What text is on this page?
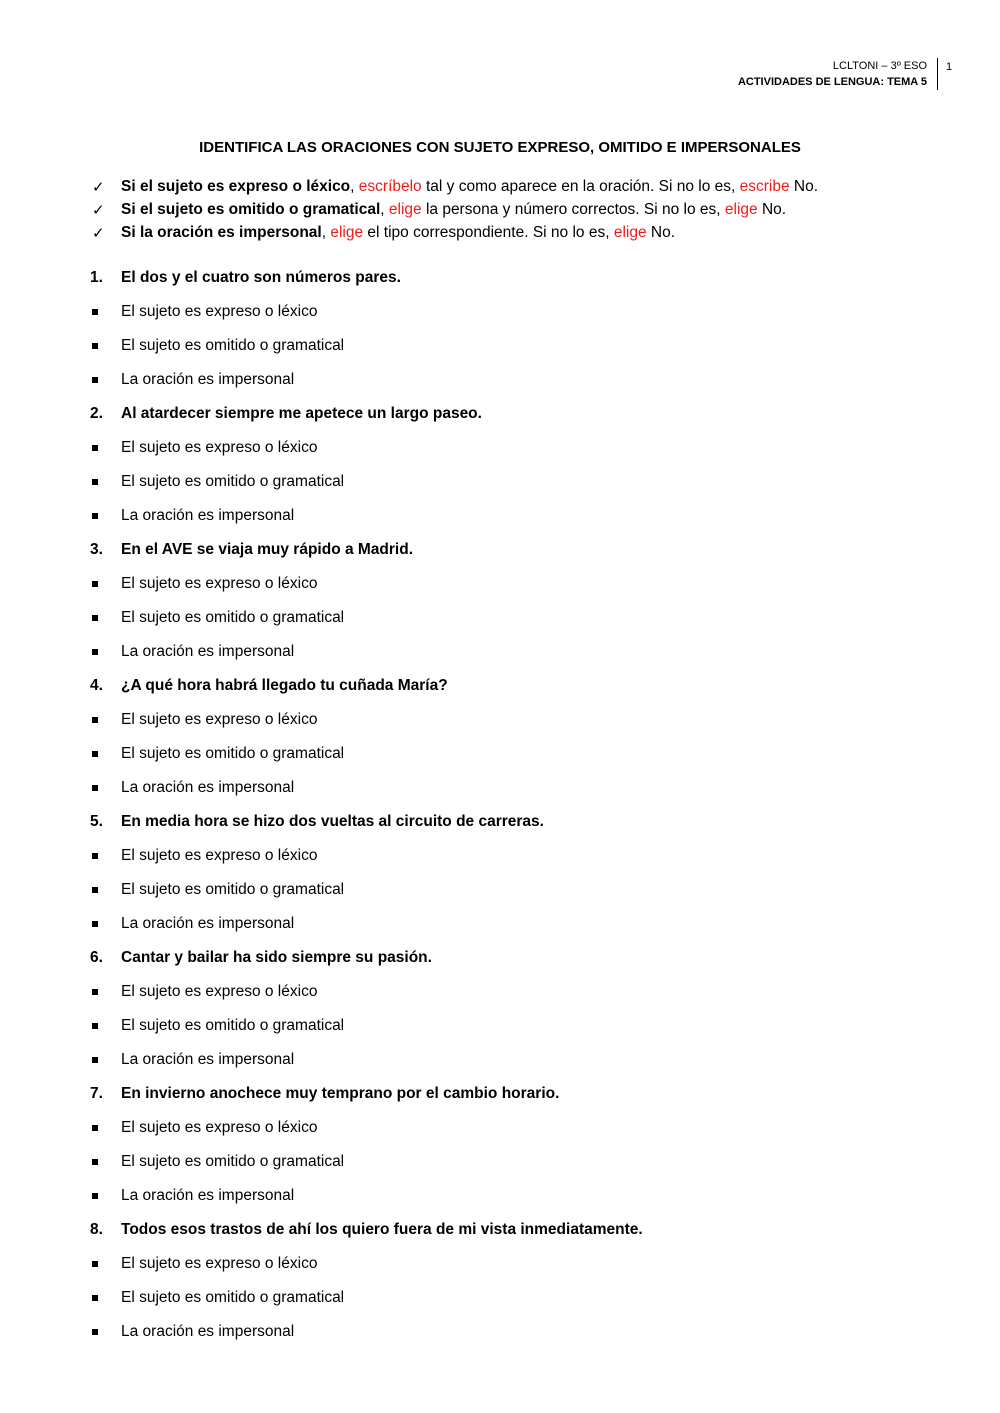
LCLTONI – 3º ESO
ACTIVIDADES DE LENGUA: TEMA 5
1
IDENTIFICA LAS ORACIONES CON SUJETO EXPRESO, OMITIDO E IMPERSONALES
✓ Si el sujeto es expreso o léxico, escríbelo tal y como aparece en la oración. Si no lo es, escribe No.
✓ Si el sujeto es omitido o gramatical, elige la persona y número correctos. Si no lo es, elige No.
✓ Si la oración es impersonal, elige el tipo correspondiente. Si no lo es, elige No.
1. El dos y el cuatro son números pares.
El sujeto es expreso o léxico
El sujeto es omitido o gramatical
La oración es impersonal
2. Al atardecer siempre me apetece un largo paseo.
El sujeto es expreso o léxico
El sujeto es omitido o gramatical
La oración es impersonal
3. En el AVE se viaja muy rápido a Madrid.
El sujeto es expreso o léxico
El sujeto es omitido o gramatical
La oración es impersonal
4. ¿A qué hora habrá llegado tu cuñada María?
El sujeto es expreso o léxico
El sujeto es omitido o gramatical
La oración es impersonal
5. En media hora se hizo dos vueltas al circuito de carreras.
El sujeto es expreso o léxico
El sujeto es omitido o gramatical
La oración es impersonal
6. Cantar y bailar ha sido siempre su pasión.
El sujeto es expreso o léxico
El sujeto es omitido o gramatical
La oración es impersonal
7. En invierno anochece muy temprano por el cambio horario.
El sujeto es expreso o léxico
El sujeto es omitido o gramatical
La oración es impersonal
8. Todos esos trastos de ahí los quiero fuera de mi vista inmediatamente.
El sujeto es expreso o léxico
El sujeto es omitido o gramatical
La oración es impersonal
